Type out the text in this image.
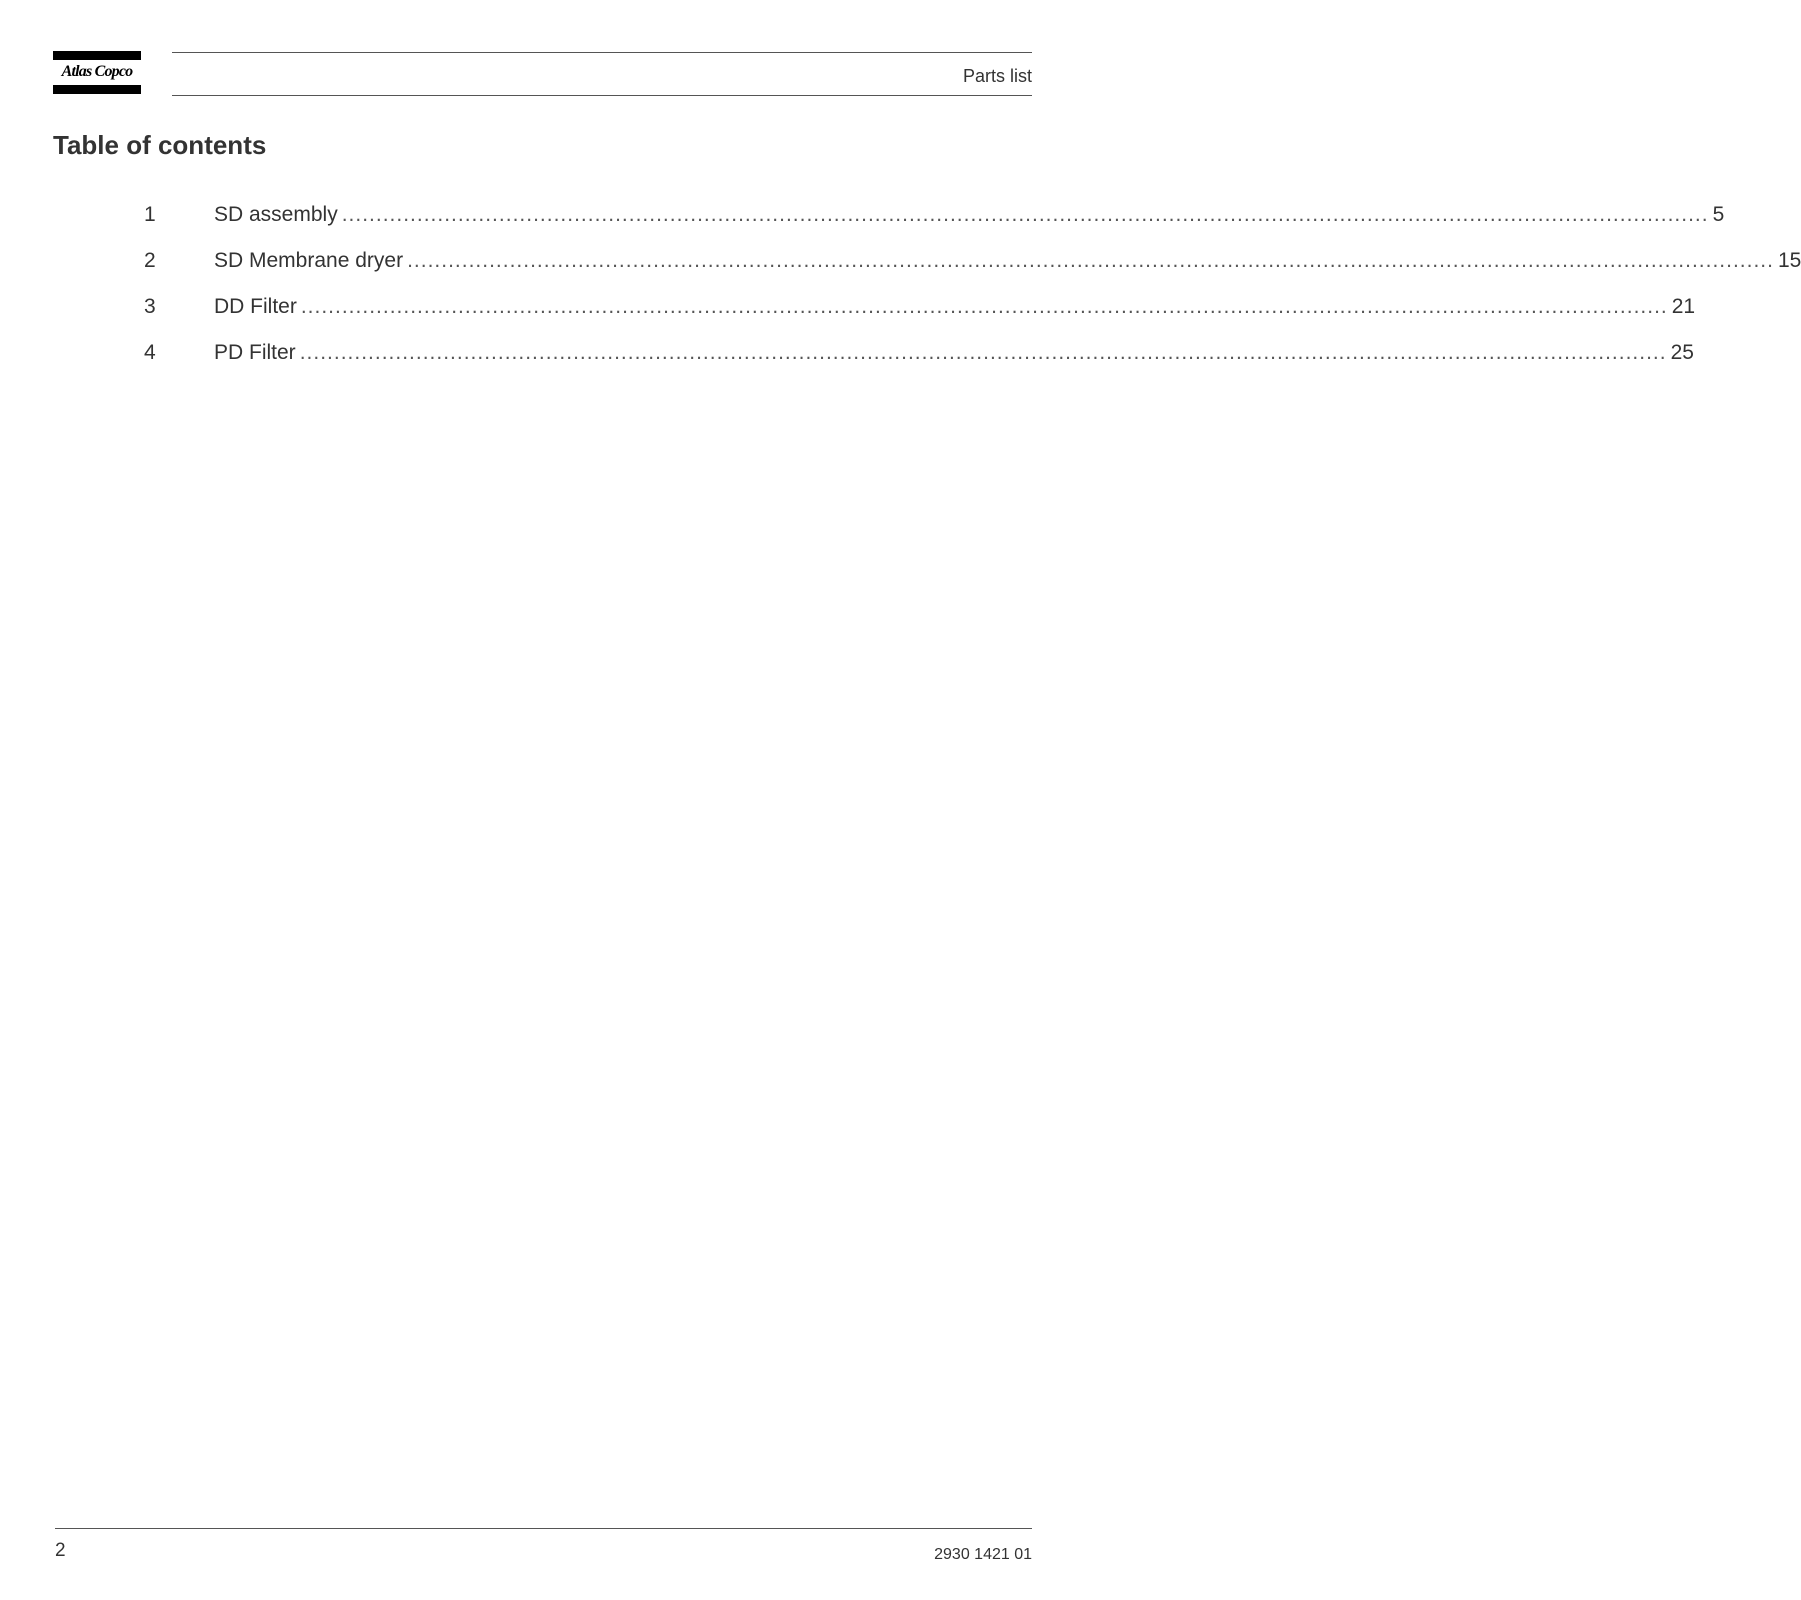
Atlas Copco	Parts list
Table of contents
1	SD assembly ........................................................................................................................................................................................................ 5
2	SD Membrane dryer ........................................................................................................................................................................................................ 15
3	DD Filter ........................................................................................................................................................................................................ 21
4	PD Filter ........................................................................................................................................................................................................ 25
2	2930 1421 01
